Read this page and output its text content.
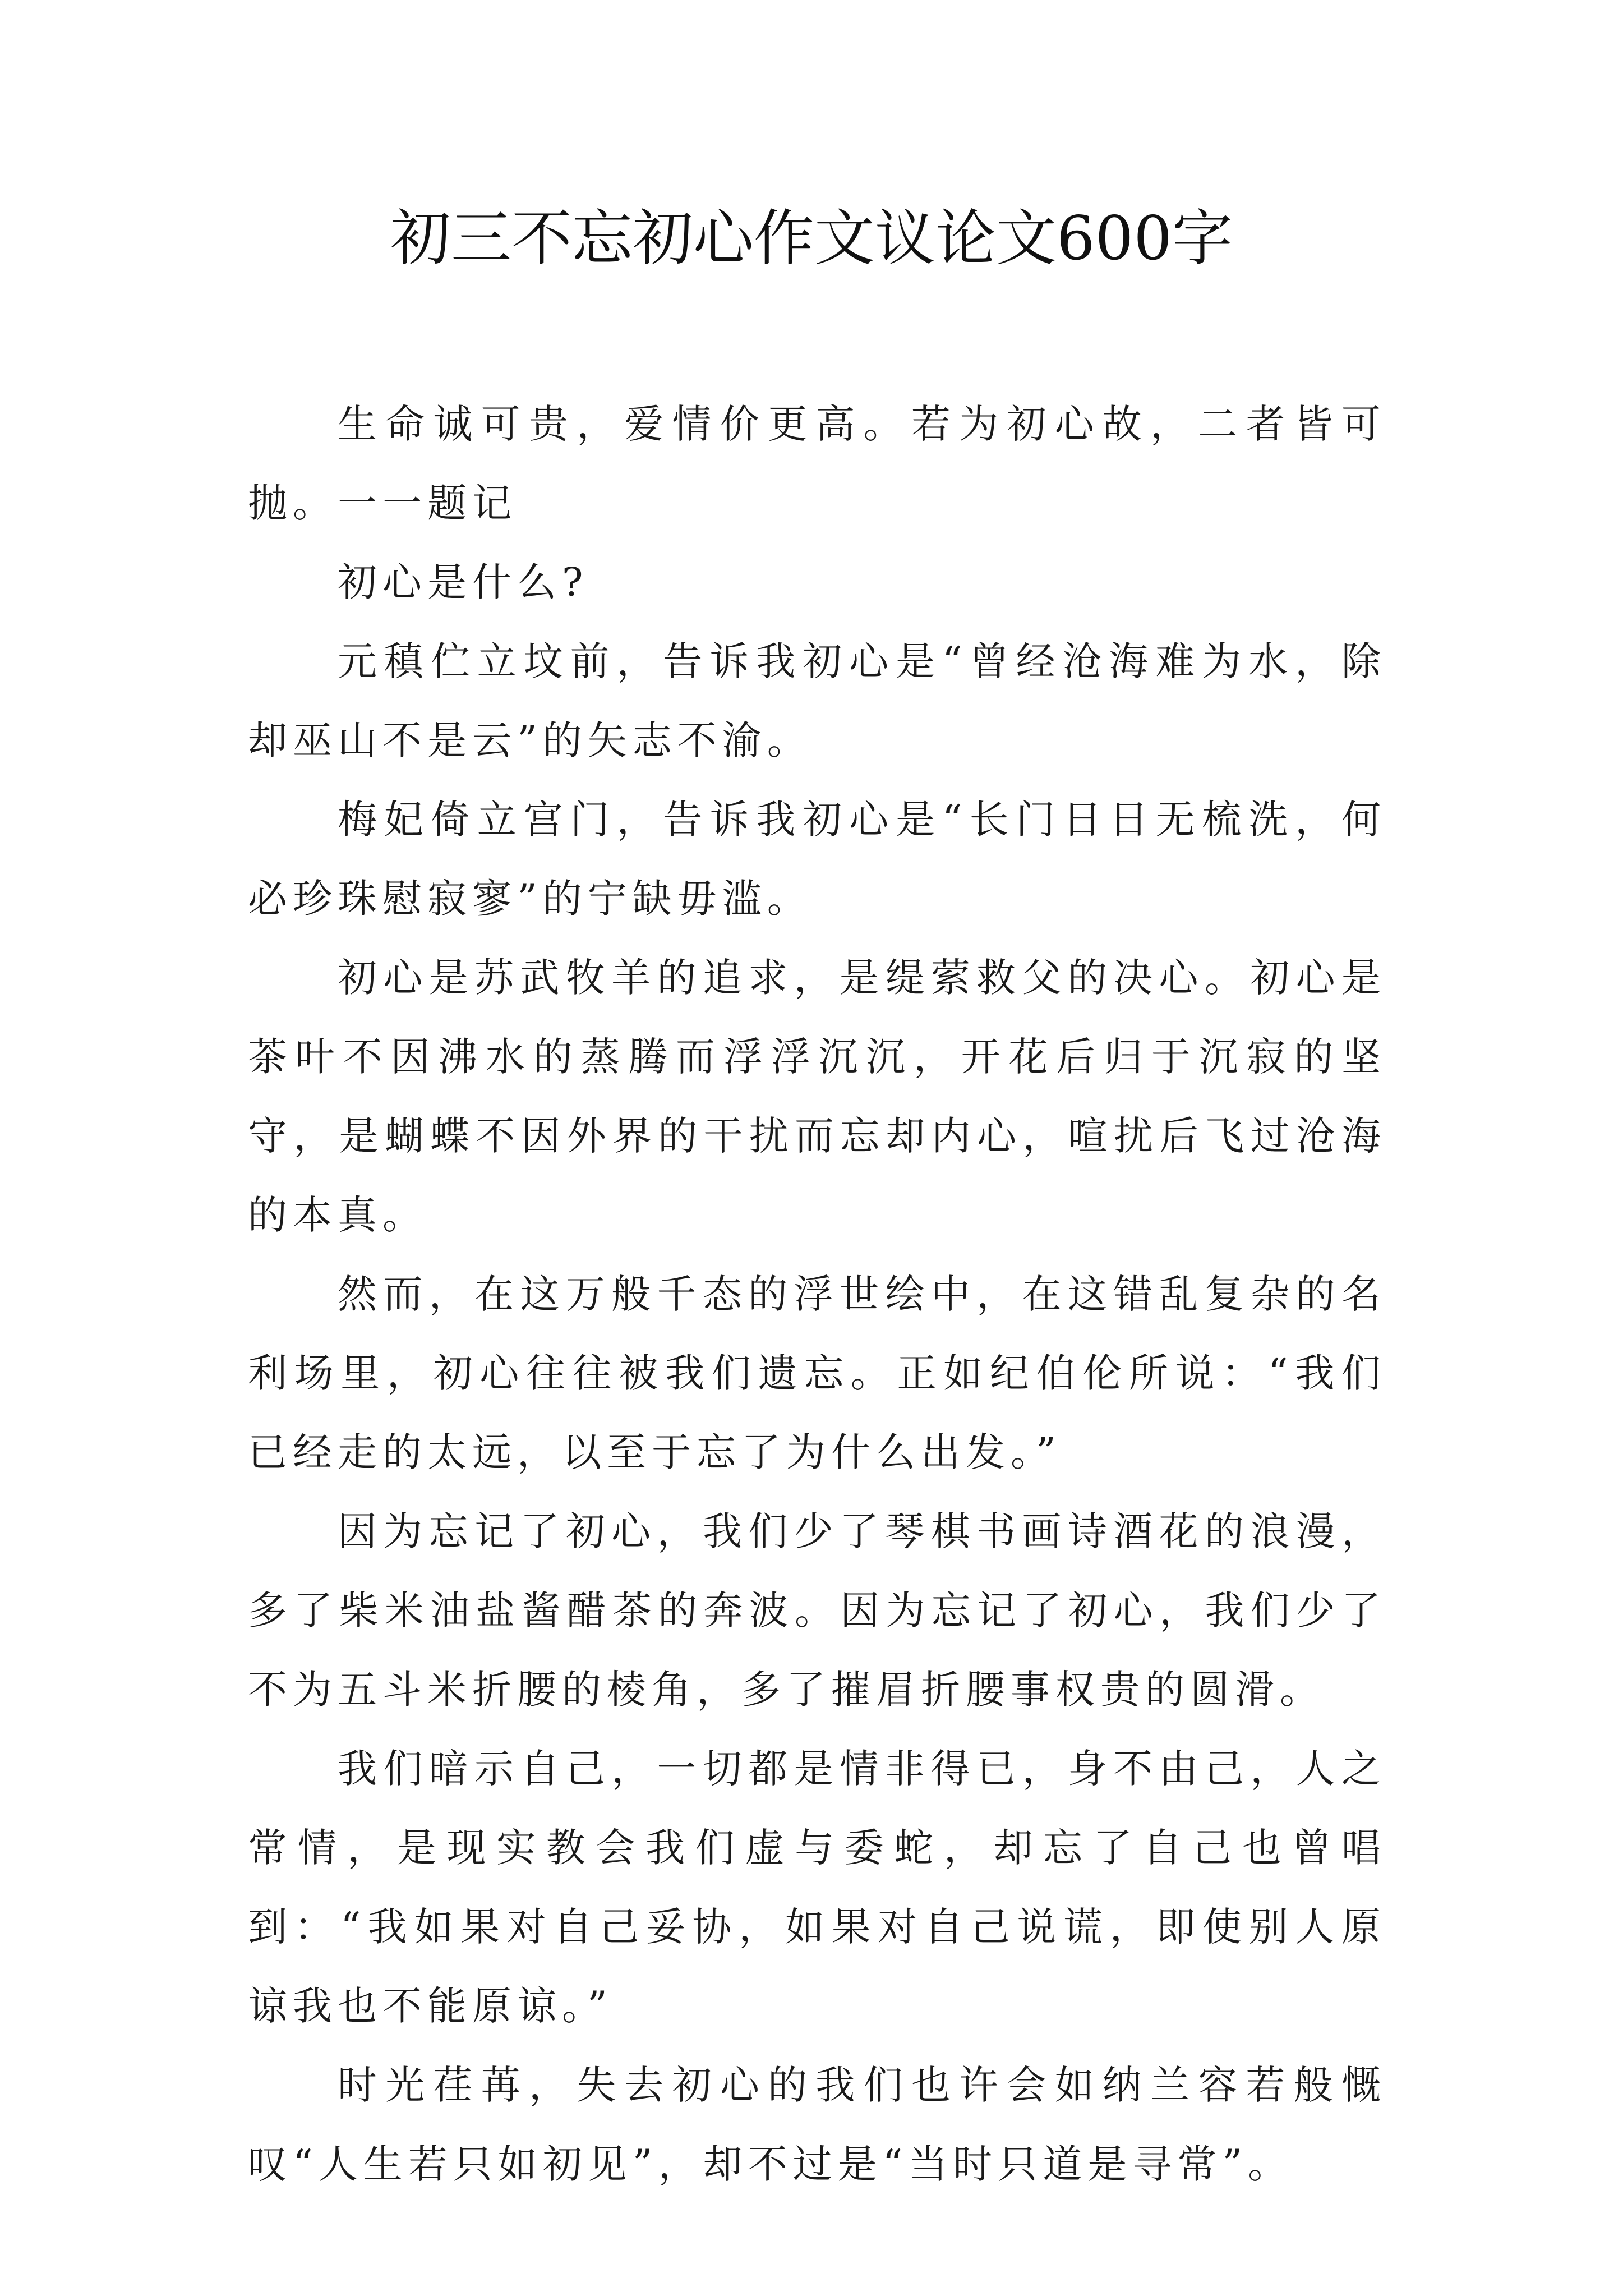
初三不忘初心作文议论文600字

生命诚可贵，爱情价更高。若为初心故，二者皆可抛。一一题记

初心是什么?

元稹伫立坟前，告诉我初心是“曾经沧海难为水，除却巫山不是云”的矢志不渝。

梅妃倚立宫门，告诉我初心是“长门日日无梳洗，何必珍珠慰寂寥”的宁缺毋滥。

初心是苏武牧羊的追求，是缇萦救父的决心。初心是茶叶不因沸水的蒸腾而浮浮沉沉，开花后归于沉寂的坚守，是蝴蝶不因外界的干扰而忘却内心，喧扰后飞过沧海的本真。

然而，在这万般千态的浮世绘中，在这错乱复杂的名利场里，初心往往被我们遗忘。正如纪伯伦所说：“我们已经走的太远，以至于忘了为什么出发。”

因为忘记了初心，我们少了琴棋书画诗酒花的浪漫，多了柴米油盐酱醋茶的奔波。因为忘记了初心，我们少了不为五斗米折腰的棱角，多了摧眉折腰事权贵的圆滑。

我们暗示自己，一切都是情非得已，身不由己，人之常情，是现实教会我们虚与委蛇，却忘了自己也曾唱到：“我如果对自己妥协，如果对自己说谎，即使别人原谅我也不能原谅。”

时光荏苒，失去初心的我们也许会如纳兰容若般慨叹“人生若只如初见”，却不过是“当时只道是寻常”。
